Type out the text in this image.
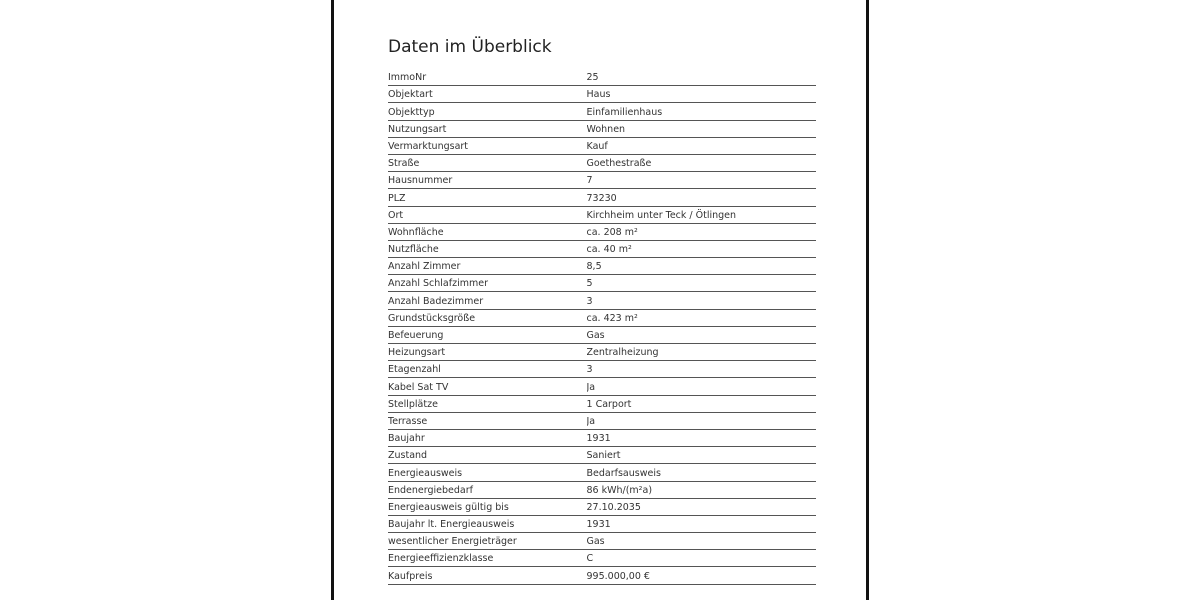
Daten im Überblick
ImmoNr	25
Objektart	Haus
Objekttyp	Einfamilienhaus
Nutzungsart	Wohnen
Vermarktungsart	Kauf
Straße	Goethestraße
Hausnummer	7
PLZ	73230
Ort	Kirchheim unter Teck / Ötlingen
Wohnfläche	ca. 208 m²
Nutzfläche	ca. 40 m²
Anzahl Zimmer	8,5
Anzahl Schlafzimmer	5
Anzahl Badezimmer	3
Grundstücksgröße	ca. 423 m²
Befeuerung	Gas
Heizungsart	Zentralheizung
Etagenzahl	3
Kabel Sat TV	Ja
Stellplätze	1 Carport
Terrasse	Ja
Baujahr	1931
Zustand	Saniert
Energieausweis	Bedarfsausweis
Endenergiebedarf	86 kWh/(m²a)
Energieausweis gültig bis	27.10.2035
Baujahr lt. Energieausweis	1931
wesentlicher Energieträger	Gas
Energieeffizienzklasse	C
Kaufpreis	995.000,00 €
